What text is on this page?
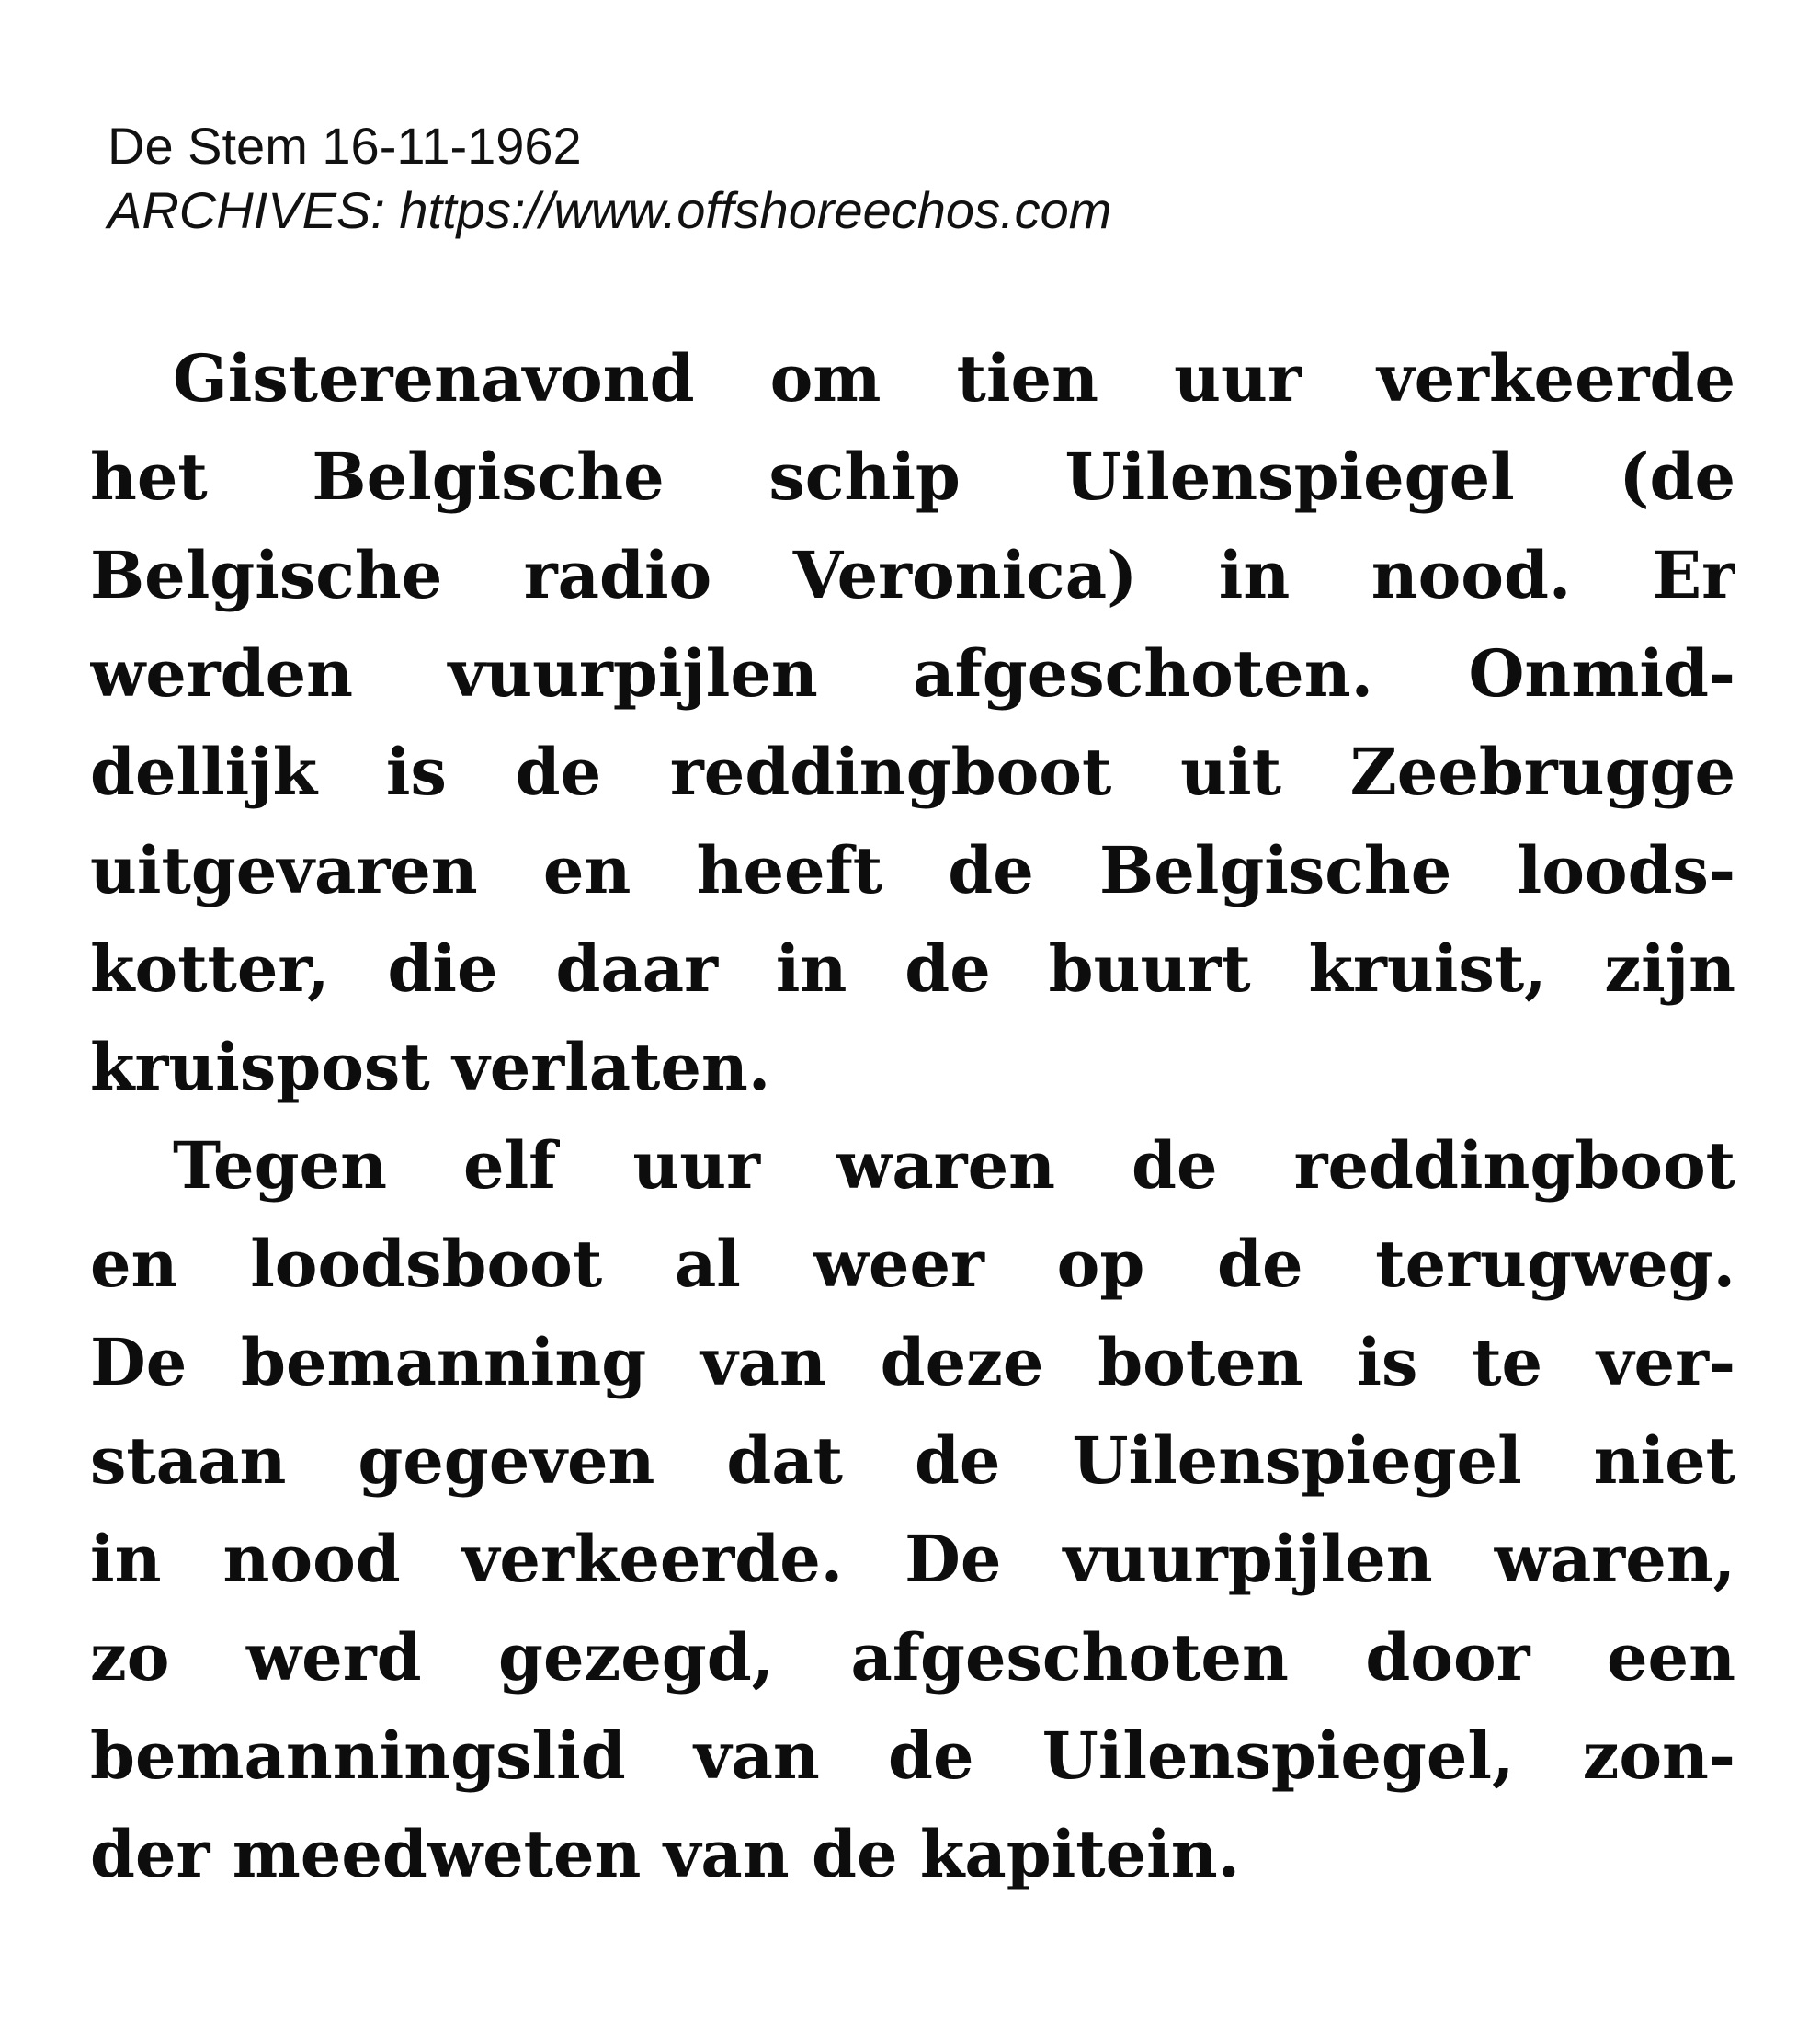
De Stem 16-11-1962
ARCHIVES: https://www.offshoreechos.com
Gisterenavond om tien uur verkeerde
het Belgische schip Uilenspiegel (de
Belgische radio Veronica) in nood. Er
werden vuurpijlen afgeschoten. Onmid-
dellijk is de reddingboot uit Zeebrugge
uitgevaren en heeft de Belgische loods-
kotter, die daar in de buurt kruist, zijn
kruispost verlaten.
Tegen elf uur waren de reddingboot
en loodsboot al weer op de terugweg.
De bemanning van deze boten is te ver-
staan gegeven dat de Uilenspiegel niet
in nood verkeerde. De vuurpijlen waren,
zo werd gezegd, afgeschoten door een
bemanningslid van de Uilenspiegel, zon-
der meedweten van de kapitein.
